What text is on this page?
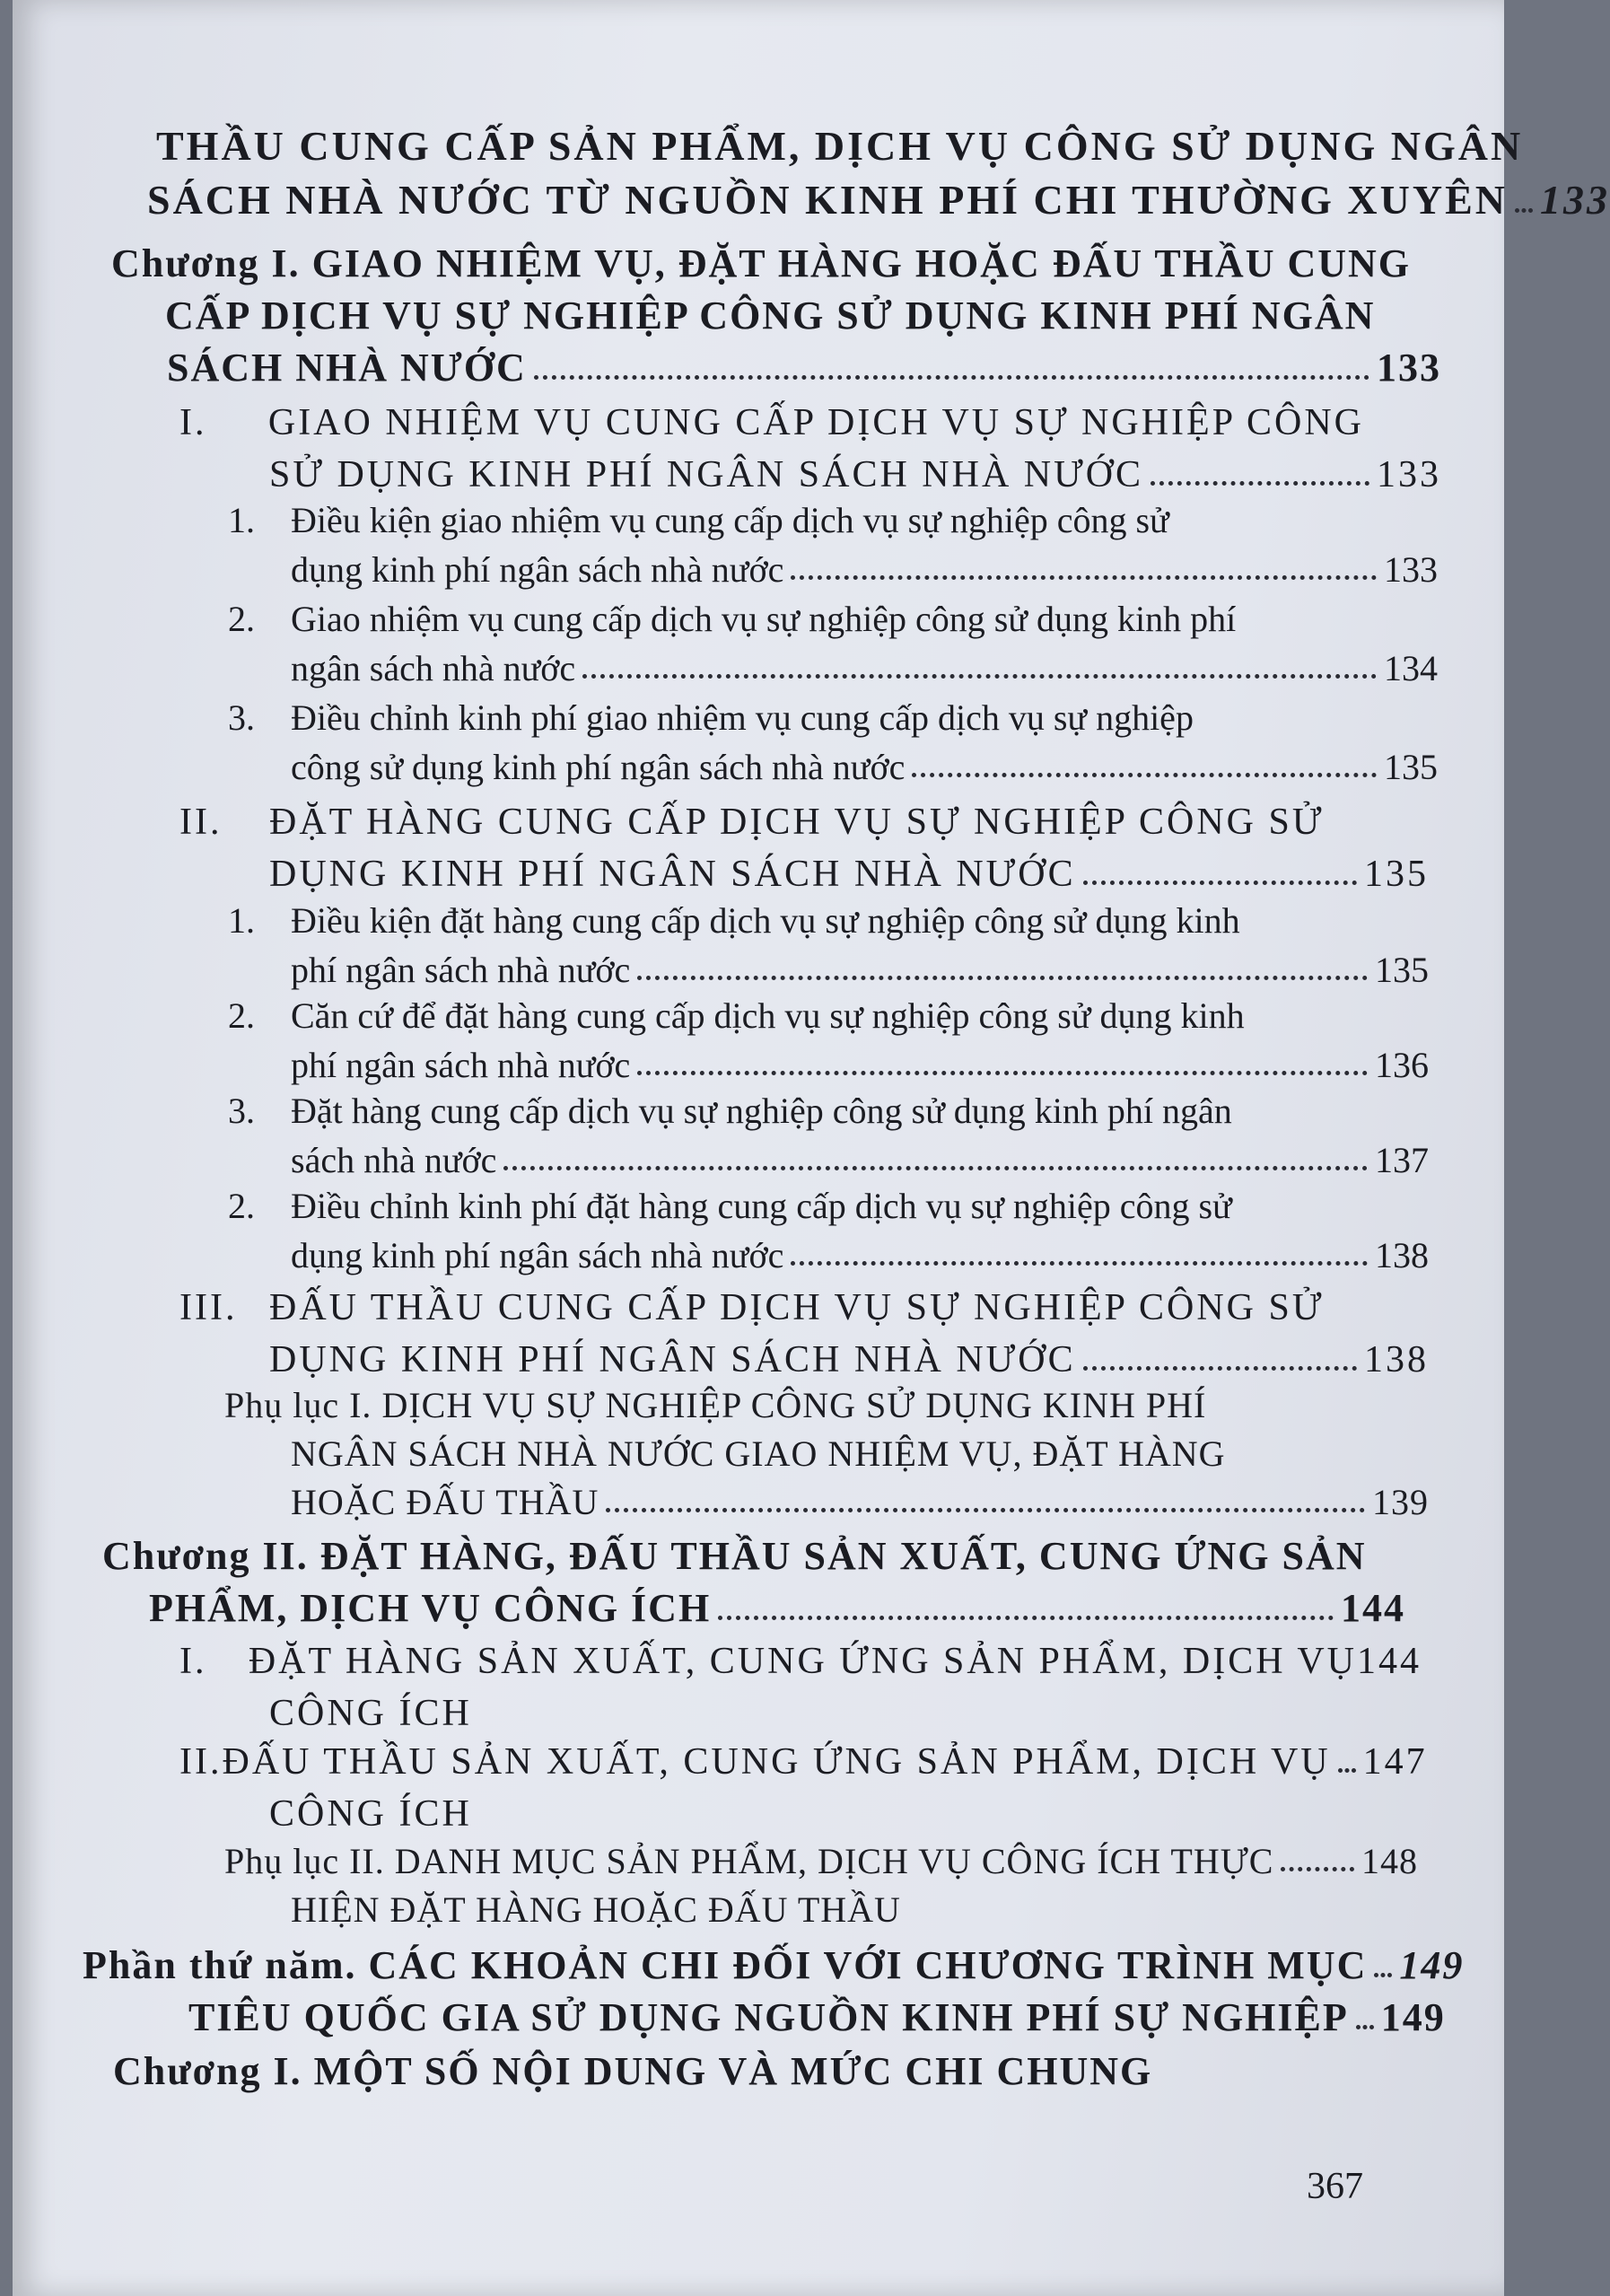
THẦU CUNG CẤP SẢN PHẨM, DỊCH VỤ CÔNG SỬ DỤNG NGÂN
SÁCH NHÀ NƯỚC TỪ NGUỒN KINH PHÍ CHI THƯỜNG XUYÊN 133
Chương I.
GIAO NHIỆM VỤ, ĐẶT HÀNG HOẶC ĐẤU THẦU CUNG
CẤP DỊCH VỤ SỰ NGHIỆP CÔNG SỬ DỤNG KINH PHÍ NGÂN
SÁCH NHÀ NƯỚC	133
I.	GIAO NHIỆM VỤ CUNG CẤP DỊCH VỤ SỰ NGHIỆP CÔNG
SỬ DỤNG KINH PHÍ NGÂN SÁCH NHÀ NƯỚC	133
1.	Điều kiện giao nhiệm vụ cung cấp dịch vụ sự nghiệp công sử
dụng kinh phí ngân sách nhà nước	133
2.	Giao nhiệm vụ cung cấp dịch vụ sự nghiệp công sử dụng kinh phí
ngân sách nhà nước	134
3.	Điều chỉnh kinh phí giao nhiệm vụ cung cấp dịch vụ sự nghiệp
công sử dụng kinh phí ngân sách nhà nước	135
II.	ĐẶT HÀNG CUNG CẤP DỊCH VỤ SỰ NGHIỆP CÔNG SỬ
DỤNG KINH PHÍ NGÂN SÁCH NHÀ NƯỚC	135
1.	Điều kiện đặt hàng cung cấp dịch vụ sự nghiệp công sử dụng kinh
phí ngân sách nhà nước	135
2.	Căn cứ để đặt hàng cung cấp dịch vụ sự nghiệp công sử dụng kinh
phí ngân sách nhà nước	136
3.	Đặt hàng cung cấp dịch vụ sự nghiệp công sử dụng kinh phí ngân
sách nhà nước	137
2.	Điều chỉnh kinh phí đặt hàng cung cấp dịch vụ sự nghiệp công sử
dụng kinh phí ngân sách nhà nước	138
III. ĐẤU THẦU CUNG CẤP DỊCH VỤ SỰ NGHIỆP CÔNG SỬ
DỤNG KINH PHÍ NGÂN SÁCH NHÀ NƯỚC	138
Phụ lục I.
DỊCH VỤ SỰ NGHIỆP CÔNG SỬ DỤNG KINH PHÍ
NGÂN SÁCH NHÀ NƯỚC GIAO NHIỆM VỤ, ĐẶT HÀNG
HOẶC ĐẤU THẦU	139
Chương II.
ĐẶT HÀNG, ĐẤU THẦU SẢN XUẤT, CUNG ỨNG SẢN
PHẨM, DỊCH VỤ CÔNG ÍCH	144
I.	ĐẶT HÀNG SẢN XUẤT, CUNG ỨNG SẢN PHẨM, DỊCH VỤ 144
CÔNG ÍCH
II. ĐẤU THẦU SẢN XUẤT, CUNG ỨNG SẢN PHẨM, DỊCH VỤ 147
CÔNG ÍCH
Phụ lục II.
DANH MỤC SẢN PHẨM, DỊCH VỤ CÔNG ÍCH THỰC 148
HIỆN ĐẶT HÀNG HOẶC ĐẤU THẦU
Phần thứ năm.
CÁC KHOẢN CHI ĐỐI VỚI CHƯƠNG TRÌNH MỤC 149
TIÊU QUỐC GIA SỬ DỤNG NGUỒN KINH PHÍ SỰ NGHIỆP 149
Chương I.
MỘT SỐ NỘI DUNG VÀ MỨC CHI CHUNG
367
